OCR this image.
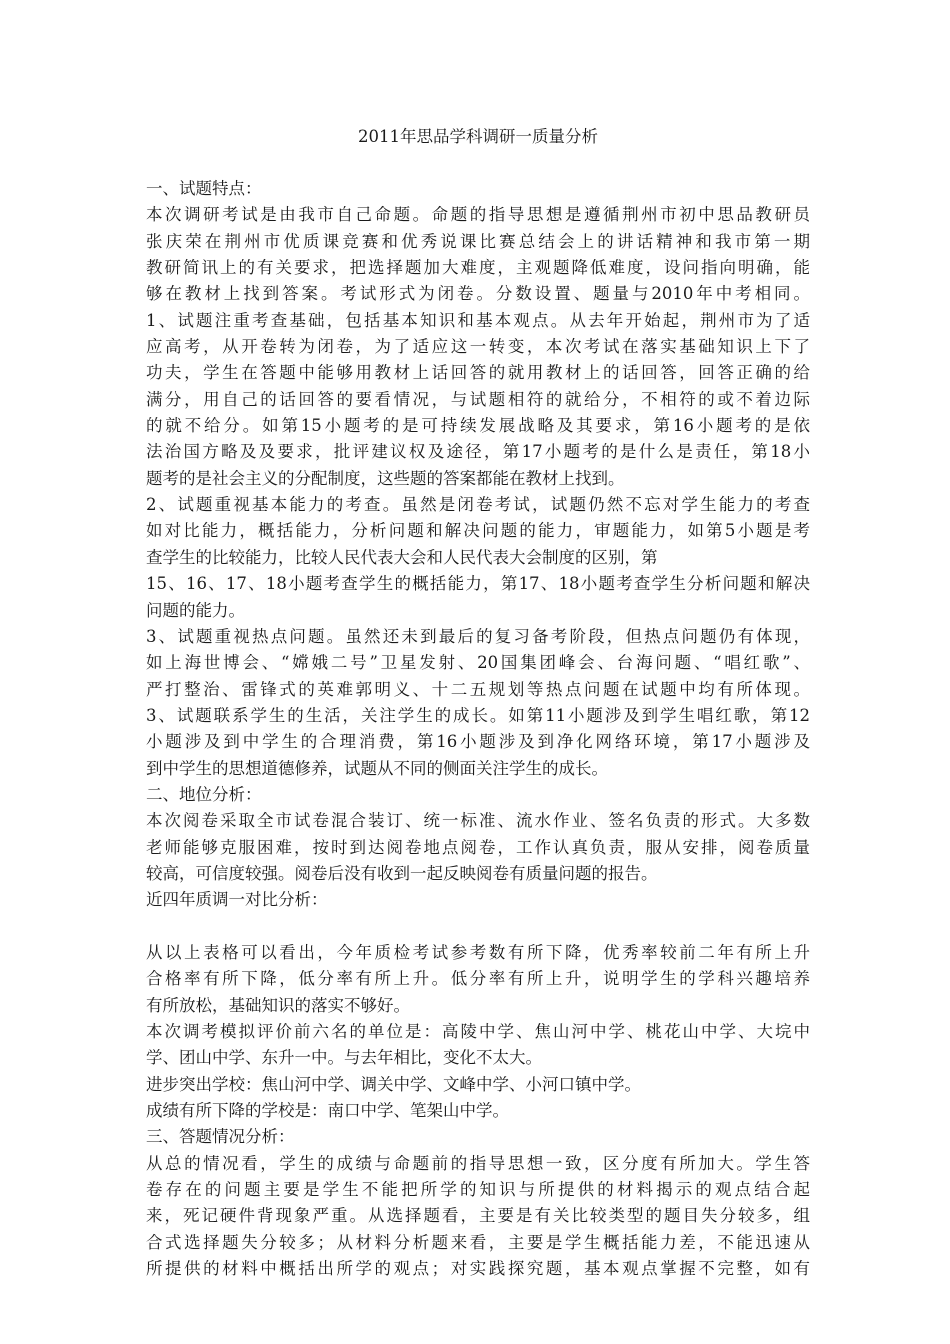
2011年思品学科调研一质量分析
一、试题特点：
本次调研考试是由我市自己命题。命题的指导思想是遵循荆州市初中思品教研员
张庆荣在荆州市优质课竞赛和优秀说课比赛总结会上的讲话精神和我市第一期
教研简讯上的有关要求，把选择题加大难度，主观题降低难度，设问指向明确，能
够在教材上找到答案。考试形式为闭卷。分数设置、题量与2010年中考相同。
1、试题注重考查基础，包括基本知识和基本观点。从去年开始起，荆州市为了适
应高考，从开卷转为闭卷，为了适应这一转变，本次考试在落实基础知识上下了
功夫，学生在答题中能够用教材上话回答的就用教材上的话回答，回答正确的给
满分，用自己的话回答的要看情况，与试题相符的就给分，不相符的或不着边际
的就不给分。如第15小题考的是可持续发展战略及其要求，第16小题考的是依
法治国方略及及要求，批评建议权及途径，第17小题考的是什么是责任，第18小
题考的是社会主义的分配制度，这些题的答案都能在教材上找到。
2、试题重视基本能力的考查。虽然是闭卷考试，试题仍然不忘对学生能力的考查
如对比能力，概括能力，分析问题和解决问题的能力，审题能力，如第5小题是考
查学生的比较能力，比较人民代表大会和人民代表大会制度的区别，第
15、16、17、18小题考查学生的概括能力，第17、18小题考查学生分析问题和解决
问题的能力。
3、试题重视热点问题。虽然还未到最后的复习备考阶段，但热点问题仍有体现，
如上海世博会、“嫦娥二号”卫星发射、20国集团峰会、台海问题、“唱红歌”、
严打整治、雷锋式的英难郭明义、十二五规划等热点问题在试题中均有所体现。
3、试题联系学生的生活，关注学生的成长。如第11小题涉及到学生唱红歌，第12
小题涉及到中学生的合理消费，第16小题涉及到净化网络环境，第17小题涉及
到中学生的思想道德修养，试题从不同的侧面关注学生的成长。
二、地位分析：
本次阅卷采取全市试卷混合装订、统一标准、流水作业、签名负责的形式。大多数
老师能够克服困难，按时到达阅卷地点阅卷，工作认真负责，服从安排，阅卷质量
较高，可信度较强。阅卷后没有收到一起反映阅卷有质量问题的报告。
近四年质调一对比分析：
从以上表格可以看出，今年质检考试参考数有所下降，优秀率较前二年有所上升
合格率有所下降，低分率有所上升。低分率有所上升，说明学生的学科兴趣培养
有所放松，基础知识的落实不够好。
本次调考模拟评价前六名的单位是：高陵中学、焦山河中学、桃花山中学、大垸中
学、团山中学、东升一中。与去年相比，变化不太大。
进步突出学校：焦山河中学、调关中学、文峰中学、小河口镇中学。
成绩有所下降的学校是：南口中学、笔架山中学。
三、答题情况分析：
从总的情况看，学生的成绩与命题前的指导思想一致，区分度有所加大。学生答
卷存在的问题主要是学生不能把所学的知识与所提供的材料揭示的观点结合起
来，死记硬件背现象严重。从选择题看，主要是有关比较类型的题目失分较多，组
合式选择题失分较多；从材料分析题来看，主要是学生概括能力差，不能迅速从
所提供的材料中概括出所学的观点；对实践探究题，基本观点掌握不完整，如有
